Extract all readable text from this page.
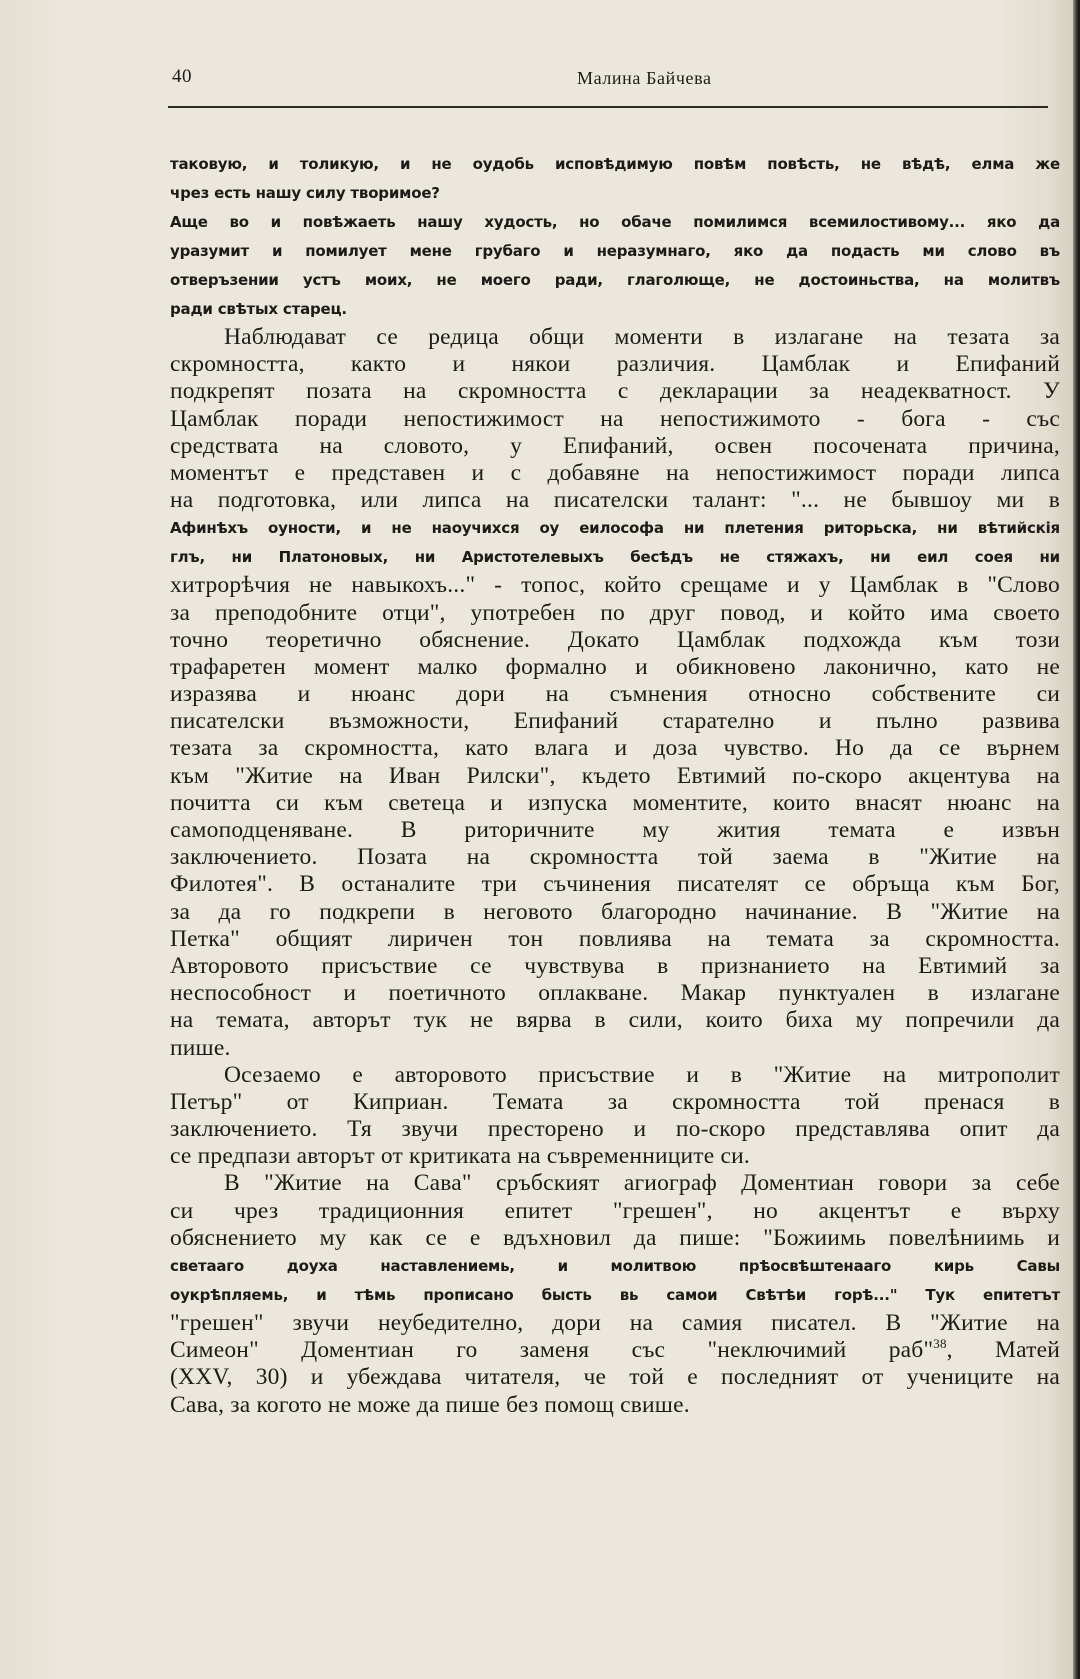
40	Малина Байчева
таковую, и толикую, и не оудобь исповѣдимую повѣм повѣсть, не вѣдѣ, елма же
чрез есть нашу силу творимое?
Аще во и повѣжаеть нашу худость, но обаче помилимся всемилостивому... яко да
уразумит и помилует мене грубаго и неразумнаго, яко да подасть ми слово въ
отверъзении устъ моих, не моего ради, глаголюще, не достоиньства, на молитвъ
ради свѣтых старец.
Наблюдават се редица общи моменти в излагане на тезата за
скромността, както и някои различия. Цамблак и Епифаний
подкрепят позата на скромността с декларации за неадекватност. У
Цамблак поради непостижимост на непостижимото - бога - със
средствата на словото, у Епифаний, освен посочената причина,
моментът е представен и с добавяне на непостижимост поради липса
на подготовка, или липса на писателски талант: "... не бывшоу ми в
Афинѣхъ оуности, и не наоучихся оу еилософа ни плетения риторьска, ни вѣтийскія
глъ, ни Платоновых, ни Аристотелевыхъ бесѣдъ не стяжахъ, ни еил соея ни
хитрорѣчия не навыкохъ..." - топос, който срещаме и у Цамблак в "Слово
за преподобните отци", употребен по друг повод, и който има своето
точно теоретично обяснение. Докато Цамблак подхожда към този
трафаретен момент малко формално и обикновено лаконично, като не
изразява и нюанс дори на съмнения относно собствените си
писателски възможности, Епифаний старателно и пълно развива
тезата за скромността, като влага и доза чувство. Но да се върнем
към "Житие на Иван Рилски", където Евтимий по-скоро акцентува на
почитта си към светеца и изпуска моментите, които внасят нюанс на
самоподценяване. В риторичните му жития темата е извън
заключението. Позата на скромността той заема в "Житие на
Филотея". В останалите три съчинения писателят се обръща към Бог,
за да го подкрепи в неговото благородно начинание. В "Житие на
Петка" общият лиричен тон повлиява на темата за скромността.
Авторовото присъствие се чувствува в признанието на Евтимий за
неспособност и поетичното оплакване. Макар пунктуален в излагане
на темата, авторът тук не вярва в сили, които биха му попречили да
пише.
Осезаемо е авторовото присъствие и в "Житие на митрополит
Петър" от Киприан. Темата за скромността той пренася в
заключението. Тя звучи престорено и по-скоро представлява опит да
се предпази авторът от критиката на съвременниците си.
В "Житие на Сава" сръбският агиограф Доментиан говори за себе
си чрез традиционния епитет "грешен", но акцентът е върху
обяснението му как се е вдъхновил да пише: "Божиимь повелѣниимь и
светааго доуха наставлениемь, и молитвою прѣосвѣштенааго кирь Савы
оукрѣпляемь, и тѣмь прописано бысть вь самои Свѣтѣи горѣ..." Тук епитетът
"грешен" звучи неубедително, дори на самия писател. В "Житие на
Симеон" Доментиан го заменя със "неключимий раб"$^{38}$, Матей
(XXV, 30) и убеждава читателя, че той е последният от учениците на
Сава, за когото не може да пише без помощ свише.
